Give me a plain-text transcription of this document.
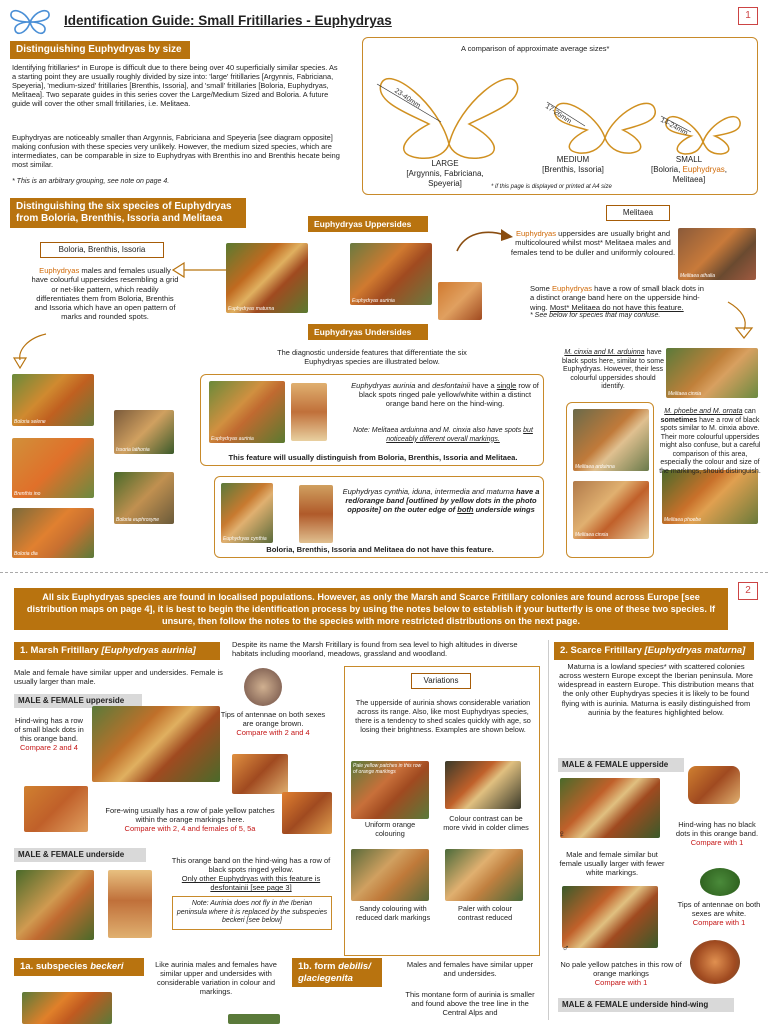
Identification Guide: Small Fritillaries - Euphydryas	1
Distinguishing Euphydryas by size
Identifying fritillaries* in Europe is difficult due to there being over 40 superficially similar species. As a starting point they are usually roughly divided by size into: 'large' fritillaries [Argynnis, Fabriciana, Speyeria], 'medium-sized' fritillaries [Brenthis, Issoria], and 'small' fritillaries [Boloria, Euphydryas, Melitaea]. Two separate guides in this series cover the Large/Medium Sized and Boloria. A future guide will cover the other small fritillaries, i.e. Melitaea.
Euphydryas are noticeably smaller than Argynnis, Fabriciana and Speyeria [see diagram opposite] making confusion with these species very unlikely. However, the medium sized species, which are intermediates, can be comparable in size to Euphydryas with Brenthis ino and Brenthis hecate being most similar.
* This is an arbitrary grouping, see note on page 4.
A comparison of approximate average sizes*
23-40mm
17-26mm
14-24mm
LARGE
[Argynnis, Fabriciana, Speyeria]
MEDIUM
[Brenthis, Issoria]
SMALL
[Boloria, Euphydryas, Melitaea]
* if this page is displayed or printed at A4 size
Distinguishing the six species of Euphydryas
from Boloria, Brenthis, Issoria and Melitaea
Boloria, Brenthis, Issoria
Euphydryas males and females usually have colourful uppersides resembling a grid or net-like pattern, which readily differentiates them from Boloria, Brenthis and Issoria which have an open pattern of marks and rounded spots.
Euphydryas Uppersides
Euphydryas Undersides
The diagnostic underside features that differentiate the six Euphydryas species are illustrated below.
Boloria selene
Brenthis ino
Boloria dia
Issoria lathonia
Boloria euphrosyne
Euphydryas maturna
Euphydryas aurinia
Melitaea athalia
Melitaea cinxia
Melitaea phoebe
Euphydryas aurinia
Euphydryas aurinia and desfontainii have a single row of black spots ringed pale yellow/white within a distinct orange band here on the hind-wing.
Note: Melitaea arduinna and M. cinxia also have spots but noticeably different overall markings.
This feature will usually distinguish from Boloria, Brenthis, Issoria and Melitaea.
Euphydryas cynthia
Euphydryas cynthia, iduna, intermedia and maturna have a red/orange band [outlined by yellow dots in the photo opposite] on the outer edge of both underside wings
Boloria, Brenthis, Issoria and Melitaea do not have this feature.
Melitaea
Euphydryas uppersides are usually bright and multicoloured whilst most* Melitaea males and females tend to be duller and uniformly coloured.
Some Euphydryas have a row of small black dots in a distinct orange band here on the upperside hind-wing. Most* Melitaea do not have this feature.
* See below for species that may confuse.
Melitaea arduinna
Melitaea cinxia
M. cinxia and M. arduinna have black spots here, similar to some Euphydryas. However, their less colourful uppersides should identify.
M. phoebe and M. ornata can sometimes have a row of black spots similar to M. cinxia above. Their more colourful uppersides might also confuse, but a careful comparison of this area, especially the colour and size of the markings, should distinguish.
2
All six Euphydryas species are found in localised populations. However, as only the Marsh and Scarce Fritillary colonies are found across Europe [see distribution maps on page 4], it is best to begin the identification process by using the notes below to establish if your butterfly is one of these two species. If unsure, then follow the notes to the species with more restricted distributions on the next page.
1. Marsh Fritillary [Euphydryas aurinia]
Despite its name the Marsh Fritillary is found from sea level to high altitudes in diverse habitats including moorland, meadows, grassland and woodland.
Male and female have similar upper and undersides. Female is usually larger than male.
MALE & FEMALE upperside
Hind-wing has a row of small black dots in this orange band.
Compare 2 and 4
Tips of antennae on both sexes are orange brown.
Compare with 2 and 4
Fore-wing usually has a row of pale yellow patches within the orange markings here.
Compare with 2, 4 and females of 5, 5a
MALE & FEMALE underside
This orange band on the hind-wing has a row of black spots ringed yellow.
Only other Euphydryas with this feature is desfontainii [see page 3]
Note: Aurinia does not fly in the Iberian peninsula where it is replaced by the subspecies beckeri [see below]
Variations
The upperside of aurinia shows considerable variation across its range. Also, like most Euphydryas species, there is a tendency to shed scales quickly with age, so losing their brightness. Examples are shown below.
Pale yellow patches in this row of orange markings
Uniform orange colouring
Colour contrast can be more vivid in colder climes
Sandy colouring with reduced dark markings
Paler with colour contrast reduced
1a. subspecies beckeri	Like aurinia males and females have similar upper and undersides with considerable variation in colour and markings.
1b. form debilis/ glaciegenita
Males and females have similar upper and undersides.
This montane form of aurinia is smaller and found above the tree line in the Central Alps and
2. Scarce Fritillary [Euphydryas maturna]
Maturna is a lowland species* with scattered colonies across western Europe except the Iberian peninsula. More widespread in eastern Europe. This distribution means that the only other Euphydryas species it is likely to be found flying with is aurinia. Maturna is easily distinguished from aurinia by the features highlighted below.
MALE & FEMALE upperside
♀
Hind-wing has no black dots in this orange band.
Compare with 1
Male and female similar but female usually larger with fewer white markings.
Tips of antennae on both sexes are white.
Compare with 1
♂
No pale yellow patches in this row of orange markings
Compare with 1
MALE & FEMALE underside hind-wing
